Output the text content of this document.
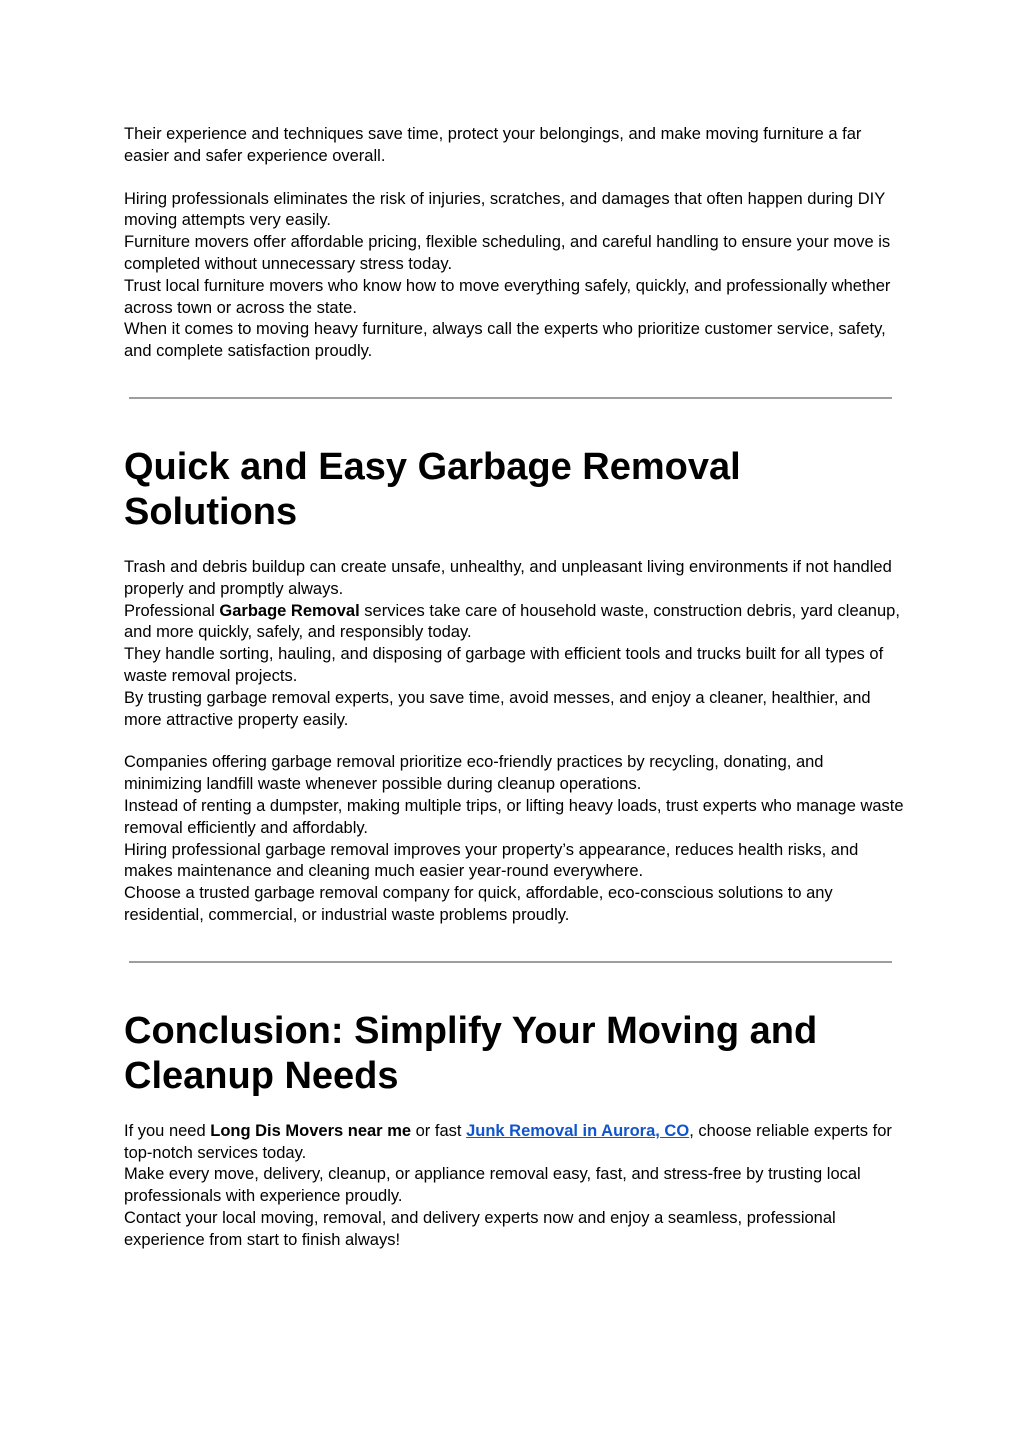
Their experience and techniques save time, protect your belongings, and make moving furniture a far easier and safer experience overall.

Hiring professionals eliminates the risk of injuries, scratches, and damages that often happen during DIY moving attempts very easily.

Furniture movers offer affordable pricing, flexible scheduling, and careful handling to ensure your move is completed without unnecessary stress today.

Trust local furniture movers who know how to move everything safely, quickly, and professionally whether across town or across the state.

When it comes to moving heavy furniture, always call the experts who prioritize customer service, safety, and complete satisfaction proudly.

Quick and Easy Garbage Removal Solutions

Trash and debris buildup can create unsafe, unhealthy, and unpleasant living environments if not handled properly and promptly always.

Professional Garbage Removal services take care of household waste, construction debris, yard cleanup, and more quickly, safely, and responsibly today.

They handle sorting, hauling, and disposing of garbage with efficient tools and trucks built for all types of waste removal projects.

By trusting garbage removal experts, you save time, avoid messes, and enjoy a cleaner, healthier, and more attractive property easily.

Companies offering garbage removal prioritize eco-friendly practices by recycling, donating, and minimizing landfill waste whenever possible during cleanup operations.

Instead of renting a dumpster, making multiple trips, or lifting heavy loads, trust experts who manage waste removal efficiently and affordably.

Hiring professional garbage removal improves your property’s appearance, reduces health risks, and makes maintenance and cleaning much easier year-round everywhere.

Choose a trusted garbage removal company for quick, affordable, eco-conscious solutions to any residential, commercial, or industrial waste problems proudly.

Conclusion: Simplify Your Moving and Cleanup Needs

If you need Long Dis Movers near me or fast Junk Removal in Aurora, CO, choose reliable experts for top-notch services today.

Make every move, delivery, cleanup, or appliance removal easy, fast, and stress-free by trusting local professionals with experience proudly.

Contact your local moving, removal, and delivery experts now and enjoy a seamless, professional experience from start to finish always!
